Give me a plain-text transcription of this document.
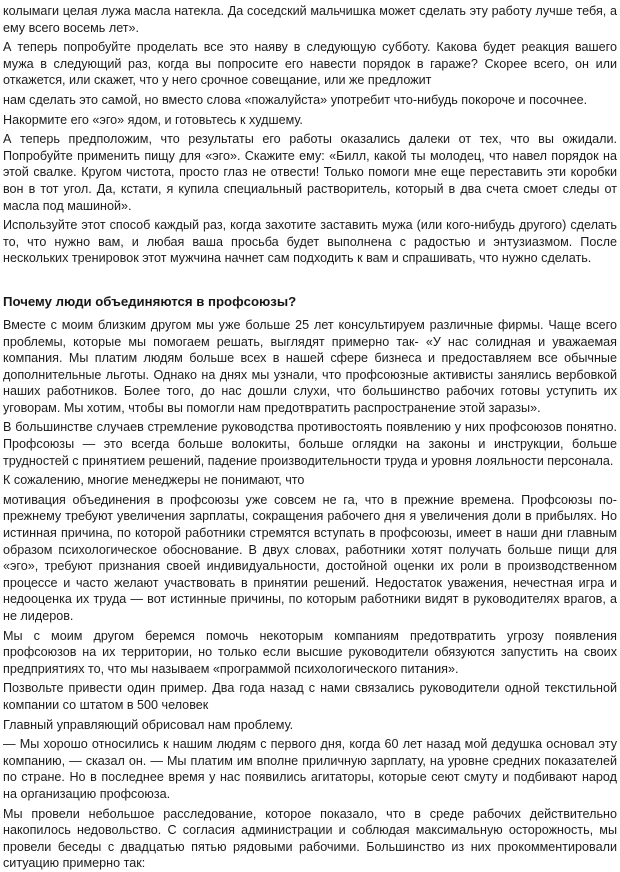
колымаги целая лужа масла натекла. Да соседский мальчишка может сделать эту работу лучше тебя, а ему всего восемь лет».

А теперь попробуйте проделать все это наяву в следующую субботу. Какова будет реакция вашего мужа в следующий раз, когда вы попросите его навести порядок в гараже? Скорее всего, он или откажется, или скажет, что у него срочное совещание, или же предложит

нам сделать это самой, но вместо слова «пожалуйста» употребит что-нибудь покороче и посочнее.

Накормите его «эго» ядом, и готовьтесь к худшему.

А теперь предположим, что результаты его работы оказались далеки от тех, что вы ожидали. Попробуйте применить пищу для «эго». Скажите ему: «Билл, какой ты молодец, что навел порядок на этой свалке. Кругом чистота, просто глаз не отвести! Только помоги мне еще переставить эти коробки вон в тот угол. Да, кстати, я купила специальный растворитель, который в два счета смоет следы от масла под машиной».

Используйте этот способ каждый раз, когда захотите заставить мужа (или кого-нибудь другого) сделать то, что нужно вам, и любая ваша просьба будет выполнена с радостью и энтузиазмом. После нескольких тренировок этот мужчина начнет сам подходить к вам и спрашивать, что нужно сделать.

Почему люди объединяются в профсоюзы?

Вместе с моим близким другом мы уже больше 25 лет консультируем различные фирмы. Чаще всего проблемы, которые мы помогаем решать, выглядят примерно так- «У нас солидная и уважаемая компания. Мы платим людям больше всех в нашей сфере бизнеса и предоставляем все обычные дополнительные льготы. Однако на днях мы узнали, что профсоюзные активисты занялись вербовкой наших работников. Более того, до нас дошли слухи, что большинство рабочих готовы уступить их уговорам. Мы хотим, чтобы вы помогли нам предотвратить распространение этой заразы».

В большинстве случаев стремление руководства противостоять появлению у них профсоюзов понятно. Профсоюзы — это всегда больше волокиты, больше оглядки на законы и инструкции, больше трудностей с принятием решений, падение производительности труда и уровня лояльности персонала.

К сожалению, многие менеджеры не понимают, что

мотивация объединения в профсоюзы уже совсем не га, что в прежние времена. Профсоюзы по-прежнему требуют увеличения зарплаты, сокращения рабочего дня я увеличения доли в прибылях. Но истинная причина, по которой работники стремятся вступать в профсоюзы, имеет в наши дни главным образом психологическое обоснование. В двух словах, работники хотят получать больше пищи для «эго», требуют признания своей индивидуальности, достойной оценки их роли в производственном процессе и часто желают участвовать в принятии решений. Недостаток уважения, нечестная игра и недооценка их труда — вот истинные причины, по которым работники видят в руководителях врагов, а не лидеров.

Мы с моим другом беремся помочь некоторым компаниям предотвратить угрозу появления профсоюзов на их территории, но только если высшие руководители обязуются запустить на своих предприятиях то, что мы называем «программой психологического питания».

Позвольте привести один пример. Два года назад с нами связались руководители одной текстильной компании со штатом в 500 человек

Главный управляющий обрисовал нам проблему.

— Мы хорошо относились к нашим людям с первого дня, когда 60 лет назад мой дедушка основал эту компанию, — сказал он. — Мы платим им вполне приличную зарплату, на уровне средних показателей по стране. Но в последнее время у нас появились агитаторы, которые сеют смуту и подбивают народ на организацию профсоюза.

Мы провели небольшое расследование, которое показало, что в среде рабочих действительно накопилось недовольство. С согласия администрации и соблюдая максимальную осторожность, мы провели беседы с двадцатью пятью рядовыми рабочими. Большинство из них прокомментировали ситуацию примерно так:
